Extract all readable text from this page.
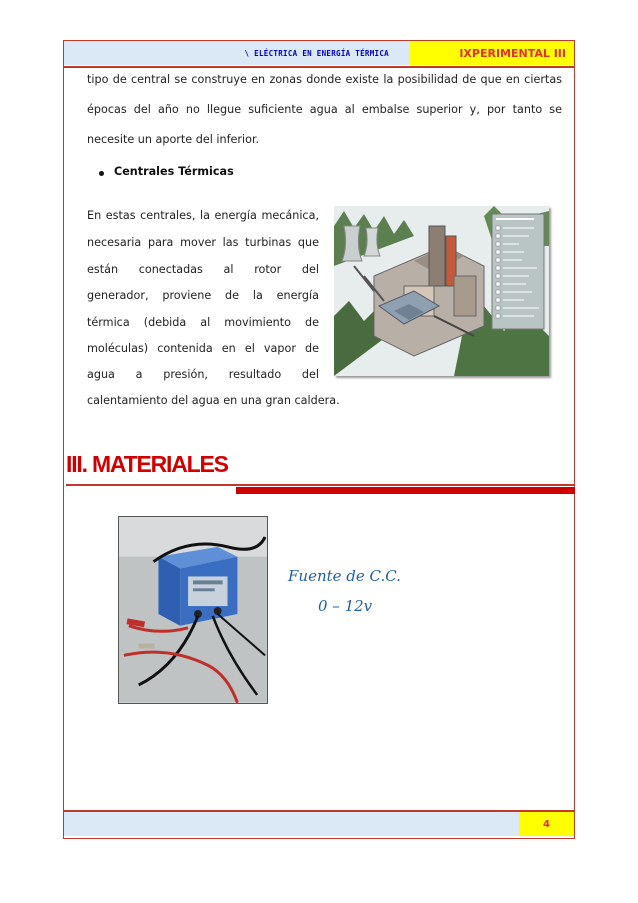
\ ELÉCTRICA EN ENERGÍA TÉRMICA	IXPERIMENTAL III
tipo de central se construye en zonas donde existe la posibilidad de que en ciertas
épocas del año no llegue suficiente agua al embalse superior y, por tanto se
necesite un aporte del inferior.
Centrales Térmicas
En estas centrales, la energía mecánica,
necesaria para mover las turbinas que
están conectadas al rotor del
generador, proviene de la energía
térmica (debida al movimiento de
moléculas) contenida en el vapor de
agua a presión, resultado del
calentamiento del agua en una gran caldera.
III. MATERIALES
Fuente de C.C.
0 – 12v
4
